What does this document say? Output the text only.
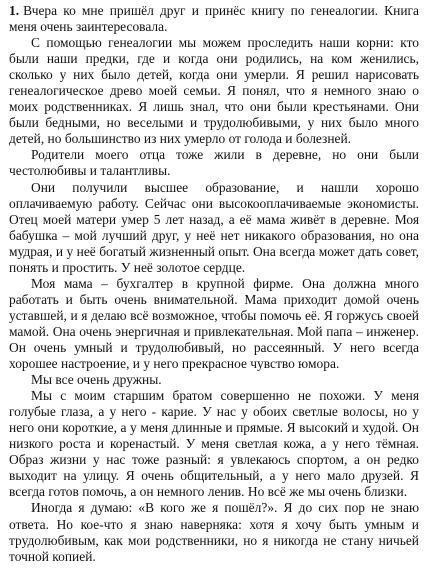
1. Вчера ко мне пришёл друг и принёс книгу по генеалогии. Книга меня очень заинтересовала.

С помощью генеалогии мы можем проследить наши корни: кто были наши предки, где и когда они родились, на ком женились, сколько у них было детей, когда они умерли. Я решил нарисовать генеалогическое древо моей семьи. Я понял, что я немного знаю о моих родственниках. Я лишь знал, что они были крестьянами. Они были бедными, но веселыми и трудолюбивыми, у них было много детей, но большинство из них умерло от голода и болезней.

Родители моего отца тоже жили в деревне, но они были честолюбивы и талантливы.

Они получили высшее образование, и нашли хорошо оплачиваемую работу. Сейчас они высокооплачиваемые экономисты. Отец моей матери умер 5 лет назад, а её мама живёт в деревне. Моя бабушка – мой лучший друг, у неё нет никакого образования, но она мудрая, и у неё богатый жизненный опыт. Она всегда может дать совет, понять и простить. У неё золотое сердце.

Моя мама – бухгалтер в крупной фирме. Она должна много работать и быть очень внимательной. Мама приходит домой очень уставшей, и я делаю всё возможное, чтобы помочь её. Я горжусь своей мамой. Она очень энергичная и привлекательная. Мой папа – инженер. Он очень умный и трудолюбивый, но рассеянный. У него всегда хорошее настроение, и у него прекрасное чувство юмора.

Мы все очень дружны.

Мы с моим старшим братом совершенно не похожи. У меня голубые глаза, а у него - карие. У нас у обоих светлые волосы, но у него они короткие, а у меня длинные и прямые. Я высокий и худой. Он низкого роста и коренастый. У меня светлая кожа, а у него тёмная. Образ жизни у нас тоже разный: я увлекаюсь спортом, а он редко выходит на улицу. Я очень общительный, а у него мало друзей. Я всегда готов помочь, а он немного ленив. Но всё же мы очень близки.

Иногда я думаю: «В кого же я пошёл?». Я до сих пор не знаю ответа. Но кое-что я знаю наверняка: хотя я хочу быть умным и трудолюбивым, как мои родственники, но я никогда не стану ничьей точной копией.
